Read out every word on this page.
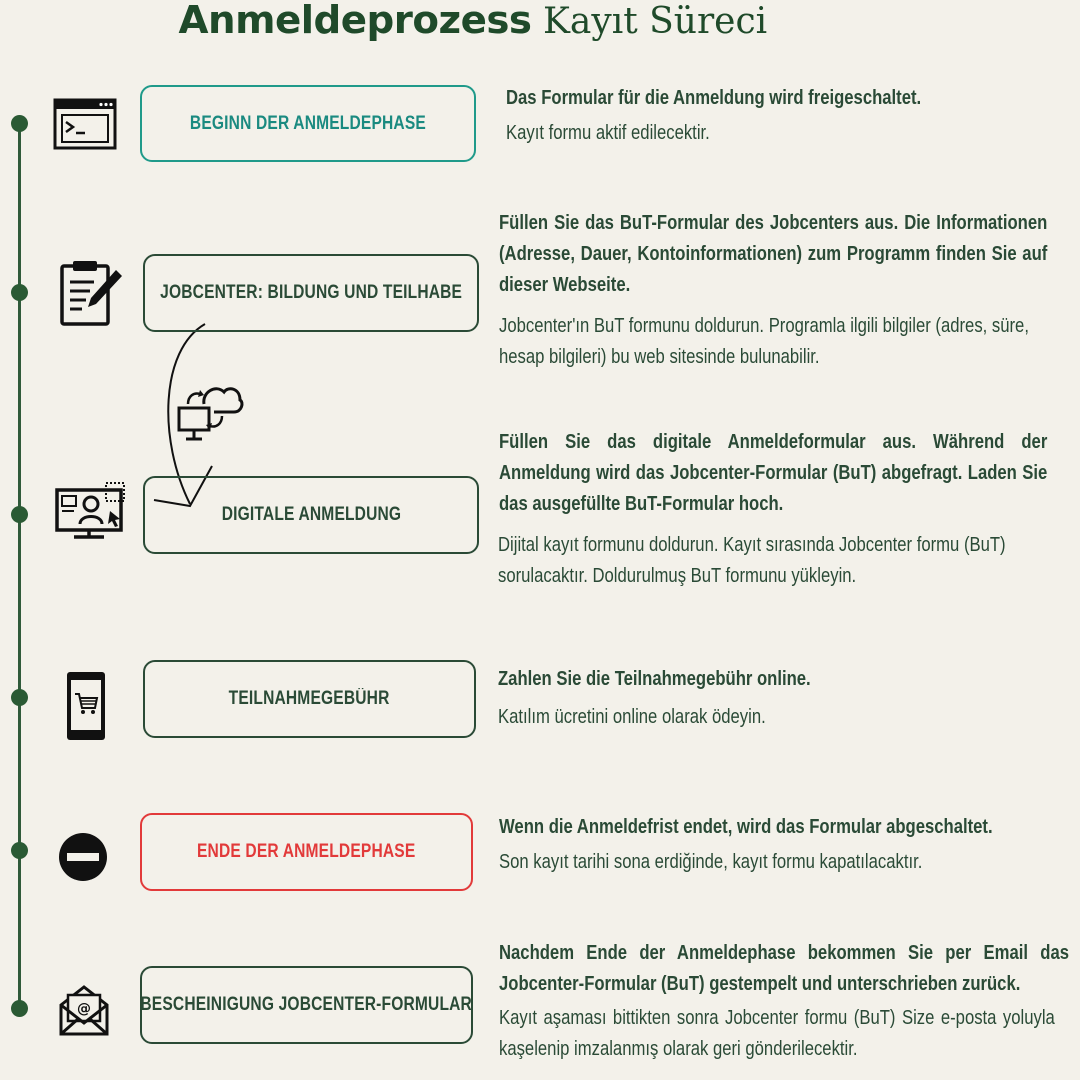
Anmeldeprozess Kayıt Süreci
@
BEGINN DER ANMELDEPHASE
JOBCENTER: BILDUNG UND TEILHABE
DIGITALE ANMELDUNG
TEILNAHMEGEBÜHR
ENDE DER ANMELDEPHASE
BESCHEINIGUNG JOBCENTER-FORMULAR
Das Formular für die Anmeldung wird freigeschaltet.
Kayıt formu aktif edilecektir.
Füllen Sie das BuT-Formular des Jobcenters aus. Die Informationen (Adresse, Dauer, Kontoinformationen) zum Programm finden Sie auf dieser Webseite.
Jobcenter'ın BuT formunu doldurun. Programla ilgili bilgiler (adres, süre, hesap bilgileri) bu web sitesinde bulunabilir.
Füllen Sie das digitale Anmeldeformular aus. Während der Anmeldung wird das Jobcenter-Formular (BuT) abgefragt. Laden Sie das ausgefüllte BuT-Formular hoch.
Dijital kayıt formunu doldurun. Kayıt sırasında Jobcenter formu (BuT) sorulacaktır. Doldurulmuş BuT formunu yükleyin.
Zahlen Sie die Teilnahmegebühr online.
Katılım ücretini online olarak ödeyin.
Wenn die Anmeldefrist endet, wird das Formular abgeschaltet.
Son kayıt tarihi sona erdiğinde, kayıt formu kapatılacaktır.
Nachdem Ende der Anmeldephase bekommen Sie per Email das Jobcenter-Formular (BuT) gestempelt und unterschrieben zurück.
Kayıt aşaması bittikten sonra Jobcenter formu (BuT) Size e-posta yoluyla kaşelenip imzalanmış olarak geri gönderilecektir.
